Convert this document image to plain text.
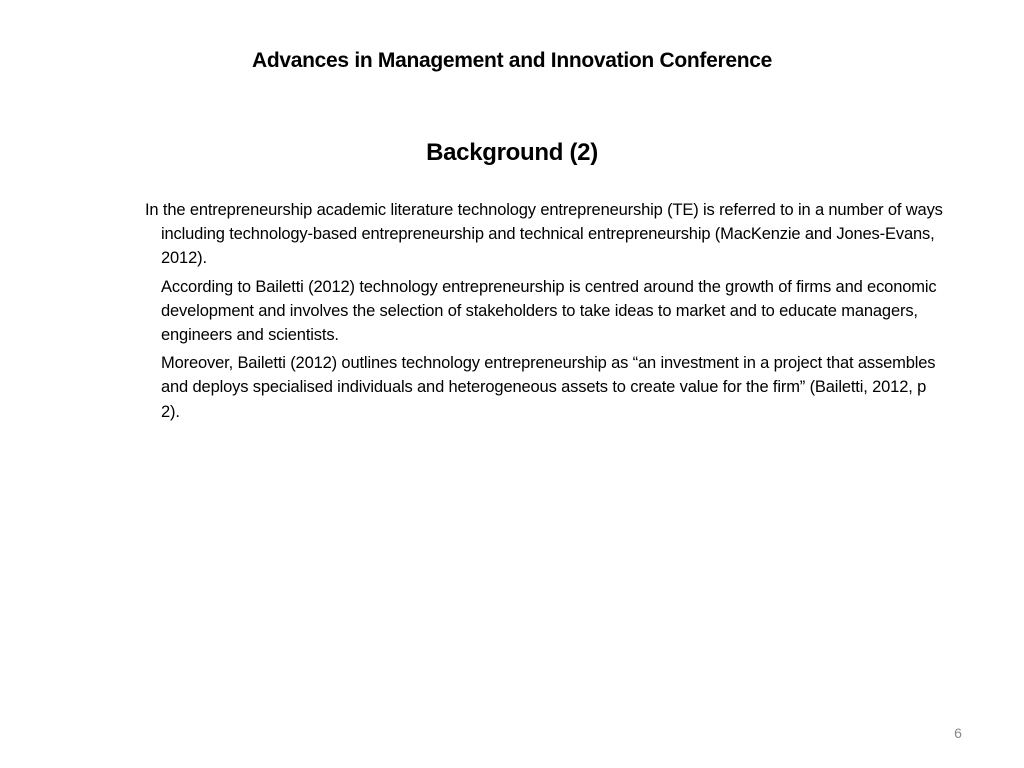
Advances in Management and Innovation Conference
Background (2)

In the entrepreneurship academic literature technology entrepreneurship (TE) is referred to in a number of ways including technology-based entrepreneurship and technical entrepreneurship (MacKenzie and Jones-Evans, 2012).

According to Bailetti (2012) technology entrepreneurship is centred around the growth of firms and economic development and involves the selection of stakeholders to take ideas to market and to educate managers, engineers and scientists.

Moreover, Bailetti (2012) outlines technology entrepreneurship as “an investment in a project that assembles and deploys specialised individuals and heterogeneous assets to create value for the firm” (Bailetti, 2012, p 2).

6
